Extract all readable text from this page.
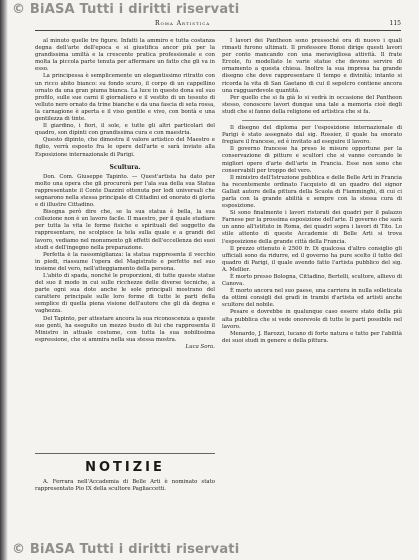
© BiASA Tutti i diritti riservati
Roma Artistica	115

al minuto quelle tre figure. Infatti la ammiro e tutta costanza degna dell'arte dell'epoca e si giustifica ancor più per la grandissima umiltà e la crescente pratica professionale e con molta la piccola parte tenuta per affermare un fatto che gli va in esso.

La principessa è semplicemente un elegantissimo ritratto con un ricco abito bianco: su fondo scuro, il corpo di un cappellino ornato da una gran piuma bianca. La luce in questo dona sul suo profilo, sulle sue carni il giornaliero e il vestito di un tessuto di velluto nero ornato da trine bianche e da una fascia di seta rossa, la carnagione è aperta e il viso gentile e vivo, con bontà e una gentilezza di tinte.

Il giardino, i fiori, il sole, e tutte gli altri particolari del quadro, son dipinti con grandissima cura e con maestria.

Questo dipinto, che dimostra il valore artistico del Maestro e figlio, verrà esposto fra le opere dell'arte e sarà inviato alla Esposizione internazionale di Parigi.

Scultura.

Don. Com. Giuseppe Tapinto. — Quest'artista ha dato per molto una opera che gli procurerà per l'ala sua della sua Statua rappresentante il Conte Dazzini ottenuta per lodi universali che segnarono nella stessa principale di Cittadini ed onorato di gloria e di illustre Cittadino.

Bisogna però dire che, se la sua statua è bella, la sua collezione non è un lavoro facile. Il maestro, per il quale studiare per tutta la vita le forme fisiche e spirituali del soggetto da rappresentare, ne scolpisce la tela sulla quale e a grandi del lavoro, vediamo nel monumento gli effetti dell'eccellenza dei suoi studi e dell'ingegno nella preparazione.

Perfetta è la rassomiglianza: la statua rappresenta il vecchio in piedi, riassume l'opera del Magistrato e perfetto nel suo insieme del vero, nell'atteggiamento della persona.

L'abito di spada, nonché le proporzioni, di tutte queste statue del suo il modo in cui sulle ricchezze delle diverse tecniche, a parte ogni sua dote anche le sole principali mostrano del carattere principale sulle loro forme di tutte le parti della semplice di quella piena visione dell'autore che gli dà degna e vaghezza.

Del Tapinto, per attestare ancora la sua riconoscenza a queste sue genti, ha eseguito un mezzo busto di lui che rappresenta il Ministro in attuale costume, con tutta la sua nobilissima espressione, che si ammira nella sua stessa mostra.

Luca Sora.

NOTIZIE

A. Ferrara nell'Accademia di Belle Arti è nominato stato rappresentato Pio IX della scultore Pagliaccetti.

I lavori dei Pantheon sono pressoché ora di nuovo i quali rimasti furono ultimati. Il professore Bonsi dirige questi lavori per conto mancando con una meravigliosa attività. Il frate Ercole, fu modellato le varie statue che devono servire di ornamento a questa chiesa. Inoltre la sua impresa ha grande disegno che deve rappresentare il tempo e divinità; intanto si ricorda la vita di San Gaetano di cui il sepolcro contiene ancora una ragguardevole quantità.

Per quello che si fa già lo si vedrà in occasione del Pantheon stesso, conoscere lavori dunque una tale a memoria cioè degli studi che si fanno della religione ed artistica che si fa.

Il disegno del diploma per l'esposizione internazionale di Parigi è stato assegnato dal sig. Rossier, il quale ha onorato fregiare il francese, ed è invitato ad eseguire il lavoro.

Il governo francese ha preso le misure opportune per la conservazione di pitture e scultori che si vanno cercando le migliori opere d'arte dell'arte in Francia. Esse non sono che conservabili per troppo del vero.

Il ministro dell'Istruzione pubblica e delle Belle Arti in Francia ha recentemente ordinato l'acquisto di un quadro del signor Gallait autore della pittura della Scuola di Fiamminghi, di cui ci parla con la grande abilità e sempre con la stessa cura di esposizione.

Si sono finalmente i lavori ristorati dei quadri per il palazzo Farnese per la prossima esposizione dell'arte. Il governo che sarà un anno all'istituto in Roma, dei quadri sopra i lavori di Tito. Lo stile attento di queste Accademie di Belle Arti si trova l'esposizione della grande città della Francia.

Il prezzo ottenuto è 2500 fr. Di qualcosa d'altro consiglio gli ufficiali sono da ridurre, ed il governo ha pure scelto il tutto del quadro di Parigi, il quale avendo fatto l'artista pubblico del sig. A. Mellier.

È morto presso Bologna, Cittadino, Bertelli, scultore, allievo di Canova.

È morto ancora nel suo paese, una carriera in nulla solleticata da ottimi consigli dei gradi in trambi d'artista ed artisti anche scultore del nobile.

Pesare e dovrebbe in qualunque caso essere stato della più alta pubblica che si vede onorevole di tutte le parti possibile nel lavoro.

Menardo, J. Barozzi, lucano di forte natura e tutto per l'abilità dei suoi studi in genere e della pittura.

© BiASA Tutti i diritti riservati
